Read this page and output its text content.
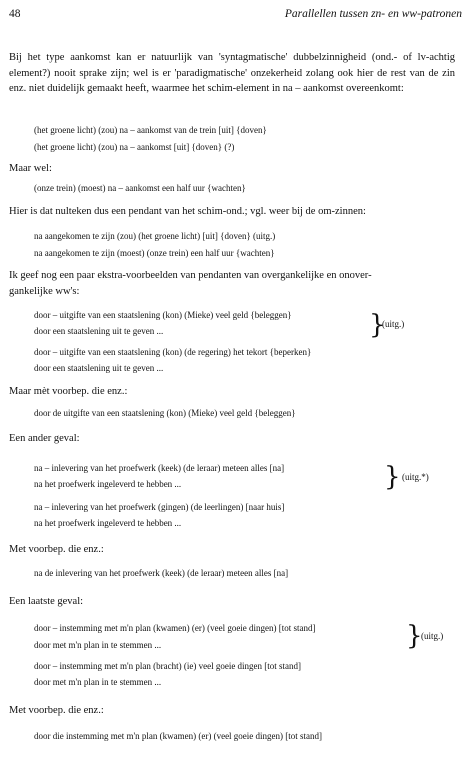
48	Parallellen tussen zn- en ww-patronen
Bij het type aankomst kan er natuurlijk van 'syntagmatische' dubbelzinnigheid (ond.- of lv-achtig element?) nooit sprake zijn; wel is er 'paradigmatische' onzekerheid zolang ook hier de rest van de zin enz. niet duidelijk gemaakt heeft, waarmee het schim-element in na – aankomst overeenkomt:
(het groene licht) (zou) na – aankomst van de trein [uit] {doven}
(het groene licht) (zou) na – aankomst [uit] {doven} (?)
Maar wel:
(onze trein) (moest) na – aankomst een half uur {wachten}
Hier is dat nulteken dus een pendant van het schim-ond.; vgl. weer bij de om-zinnen:
na aangekomen te zijn (zou) (het groene licht) [uit] {doven} (uitg.)
na aangekomen te zijn (moest) (onze trein) een half uur {wachten}
Ik geef nog een paar ekstra-voorbeelden van pendanten van overgankelijke en onover-
gankelijke ww's:
door – uitgifte van een staatslening (kon) (Mieke) veel geld {beleggen}
door een staatslening uit te geven ...
door – uitgifte van een staatslening (kon) (de regering) het tekort {beperken}
door een staatslening uit te geven ...
Maar mèt voorbep. die enz.:
door de uitgifte van een staatslening (kon) (Mieke) veel geld {beleggen}
Een ander geval:
na – inlevering van het proefwerk (keek) (de leraar) meteen alles [na]
na het proefwerk ingeleverd te hebben ...
na – inlevering van het proefwerk (gingen) (de leerlingen) [naar huis]
na het proefwerk ingeleverd te hebben ...
Met voorbep. die enz.:
na de inlevering van het proefwerk (keek) (de leraar) meteen alles [na]
Een laatste geval:
door – instemming met m'n plan (kwamen) (er) (veel goeie dingen) [tot stand]
door met m'n plan in te stemmen ...
door – instemming met m'n plan (bracht) (ie) veel goeie dingen [tot stand]
door met m'n plan in te stemmen ...
Met voorbep. die enz.:
door die instemming met m'n plan (kwamen) (er) (veel goeie dingen) [tot stand]
}
(uitg.)
} (uitg.*)
}
(uitg.)
